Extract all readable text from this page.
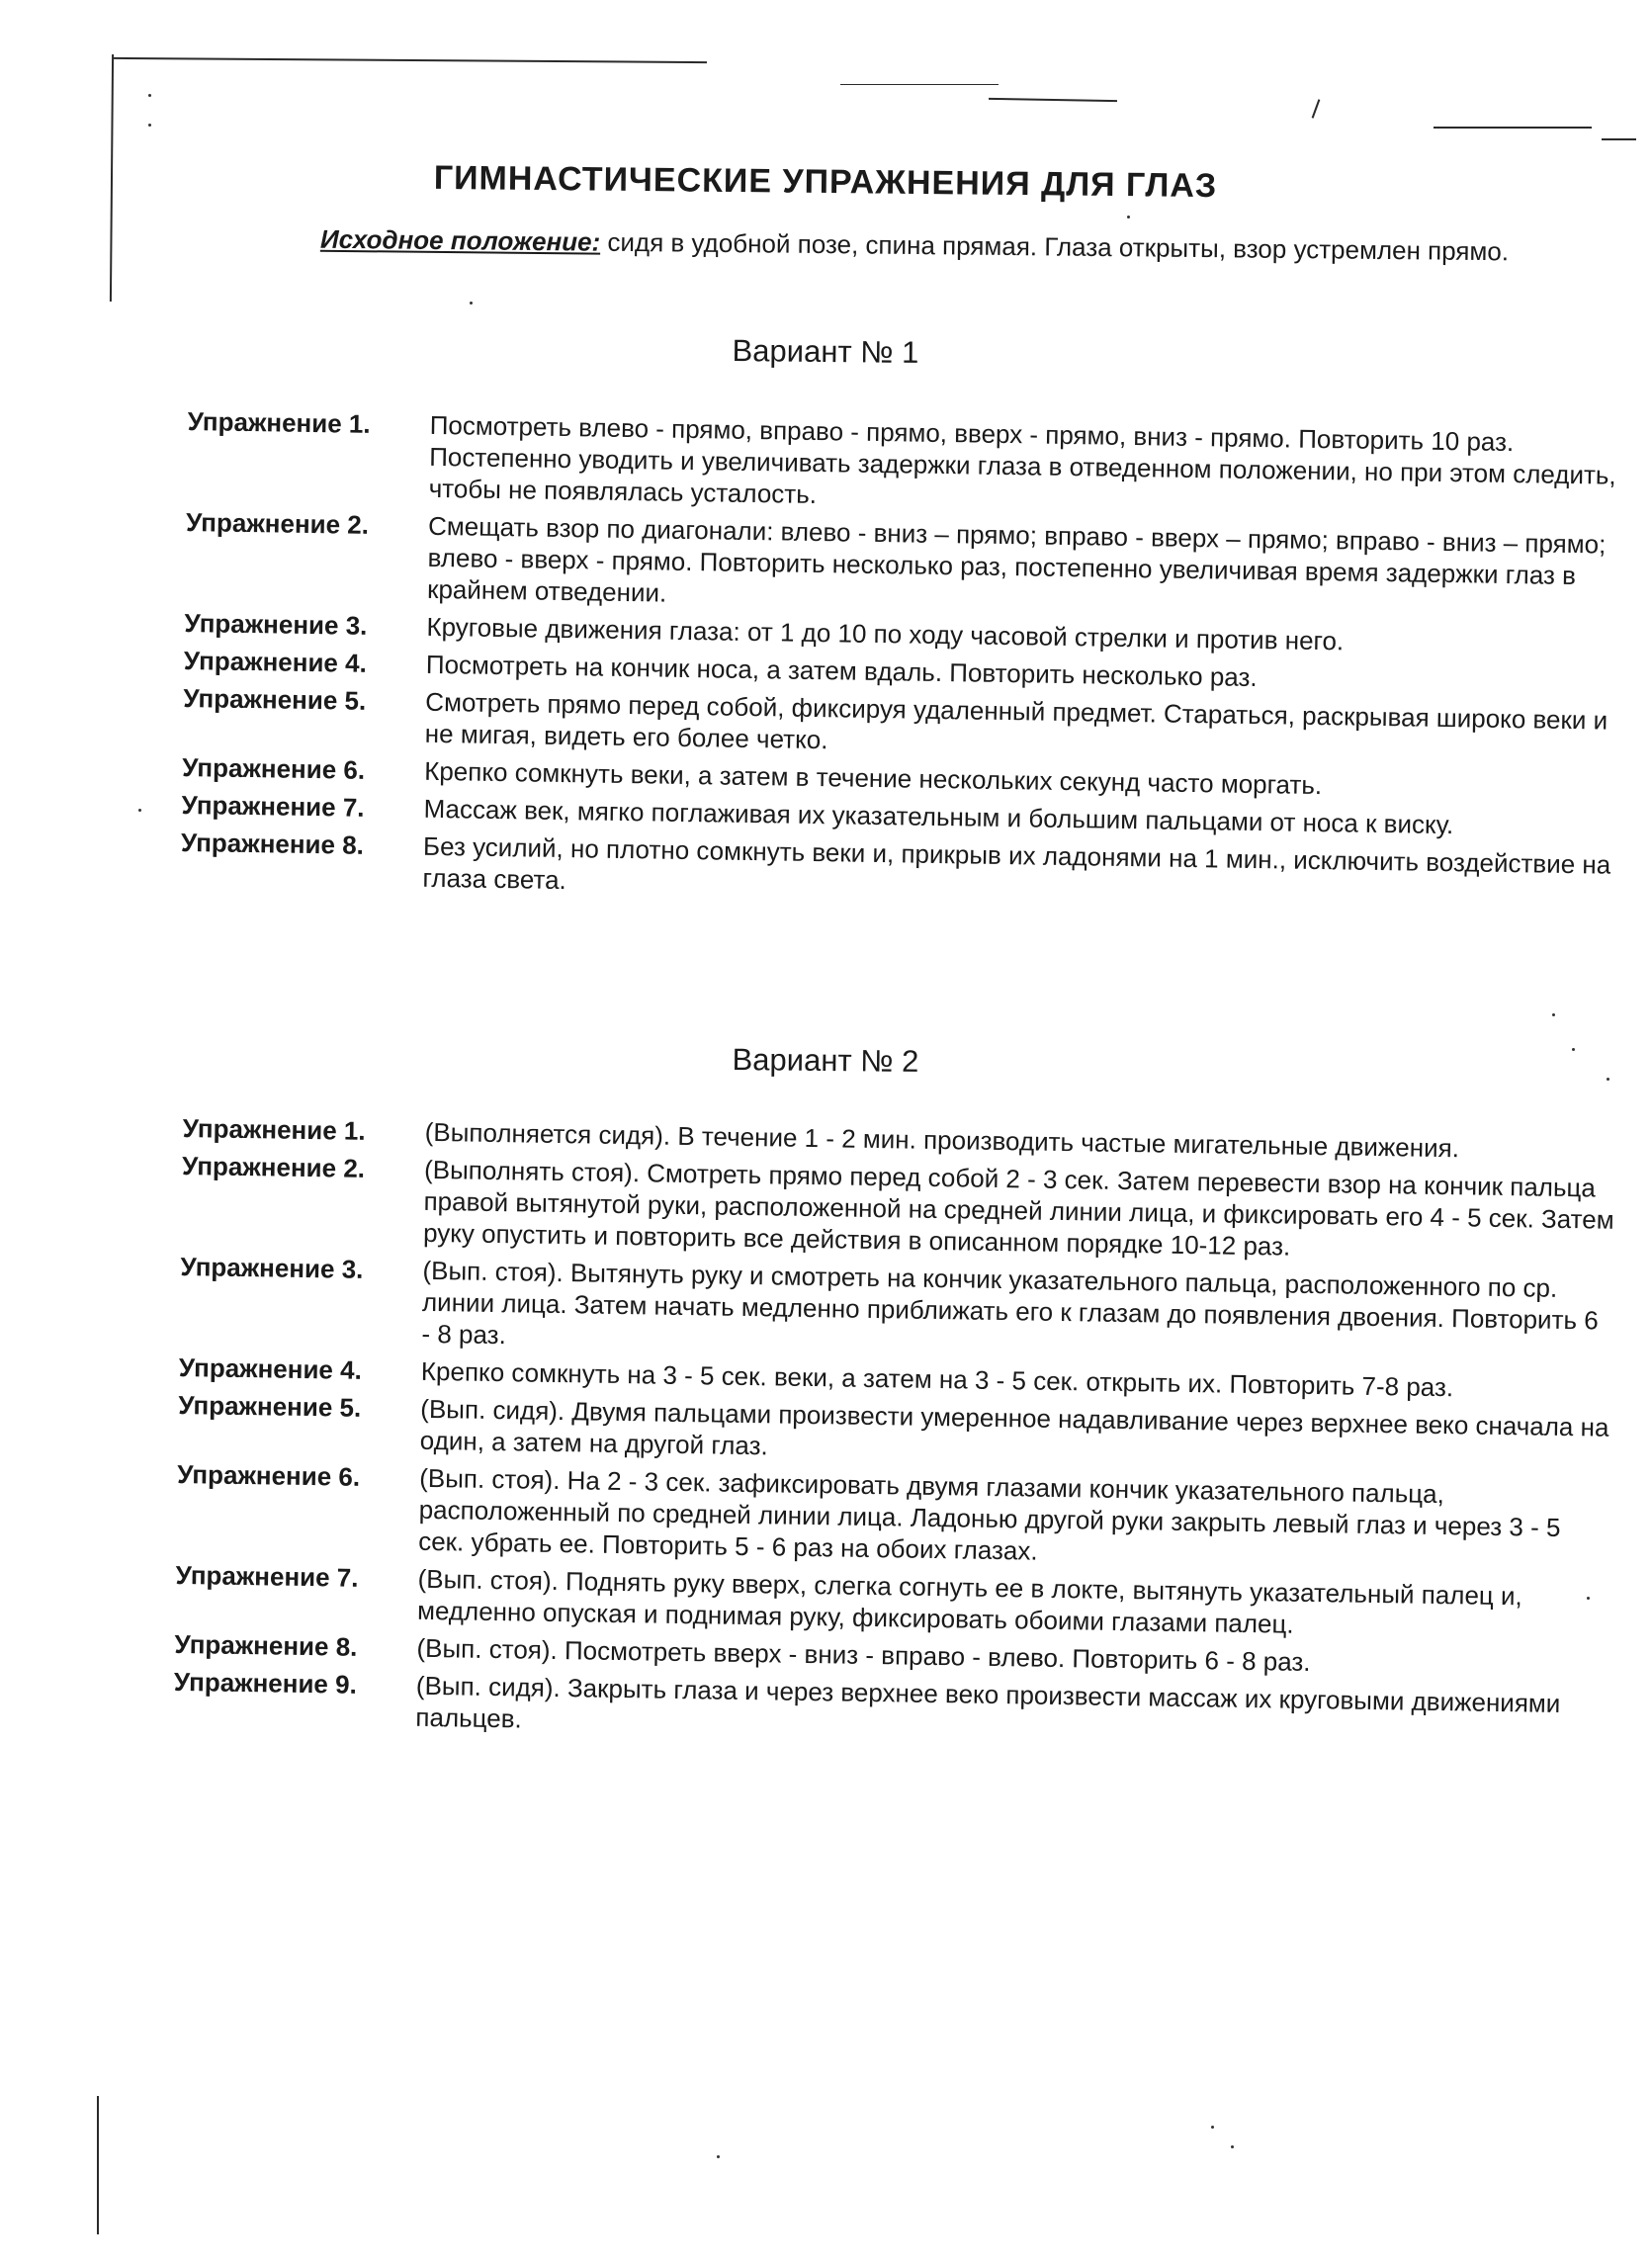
ГИМНАСТИЧЕСКИЕ УПРАЖНЕНИЯ ДЛЯ ГЛАЗ
Исходное положение: сидя в удобной позе, спина прямая. Глаза открыты, взор устремлен прямо.
Вариант № 1
Упражнение 1.	Посмотреть влево - прямо, вправо - прямо, вверх - прямо, вниз - прямо. Повторить 10 раз. Постепенно уводить и увеличивать задержки глаза в отведенном положении, но при этом следить, чтобы не появлялась усталость.
Упражнение 2.	Смещать взор по диагонали: влево - вниз – прямо; вправо - вверх – прямо; вправо - вниз – прямо; влево - вверх - прямо. Повторить несколько раз, постепенно увеличивая время задержки глаз в крайнем отведении.
Упражнение 3.	Круговые движения глаза: от 1 до 10 по ходу часовой стрелки и против него.
Упражнение 4.	Посмотреть на кончик носа, а затем вдаль. Повторить несколько раз.
Упражнение 5.	Смотреть прямо перед собой, фиксируя удаленный предмет. Стараться, раскрывая широко веки и не мигая, видеть его более четко.
Упражнение 6.	Крепко сомкнуть веки, а затем в течение нескольких секунд часто моргать.
Упражнение 7.	Массаж век, мягко поглаживая их указательным и большим пальцами от носа к виску.
Упражнение 8.	Без усилий, но плотно сомкнуть веки и, прикрыв их ладонями на 1 мин., исключить воздействие на глаза света.
Вариант № 2
Упражнение 1.	(Выполняется сидя). В течение 1 - 2 мин. производить частые мигательные движения.
Упражнение 2.	(Выполнять стоя). Смотреть прямо перед собой 2 - 3 сек. Затем перевести взор на кончик пальца правой вытянутой руки, расположенной на средней линии лица, и фиксировать его 4 - 5 сек. Затем руку опустить и повторить все действия в описанном порядке 10-12 раз.
Упражнение 3.	(Вып. стоя). Вытянуть руку и смотреть на кончик указательного пальца, расположенного по ср. линии лица. Затем начать медленно приближать его к глазам до появления двоения. Повторить 6 - 8 раз.
Упражнение 4.	Крепко сомкнуть на 3 - 5 сек. веки, а затем на 3 - 5 сек. открыть их. Повторить 7-8 раз.
Упражнение 5.	(Вып. сидя). Двумя пальцами произвести умеренное надавливание через верхнее веко сначала на один, а затем на другой глаз.
Упражнение 6.	(Вып. стоя). На 2 - 3 сек. зафиксировать двумя глазами кончик указательного пальца, расположенный по средней линии лица. Ладонью другой руки закрыть левый глаз и через 3 - 5 сек. убрать ее. Повторить 5 - 6 раз на обоих глазах.
Упражнение 7.	(Вып. стоя). Поднять руку вверх, слегка согнуть ее в локте, вытянуть указательный палец и, медленно опуская и поднимая руку, фиксировать обоими глазами палец.
Упражнение 8.	(Вып. стоя). Посмотреть вверх - вниз - вправо - влево. Повторить 6 - 8 раз.
Упражнение 9.	(Вып. сидя). Закрыть глаза и через верхнее веко произвести массаж их круговыми движениями пальцев.
